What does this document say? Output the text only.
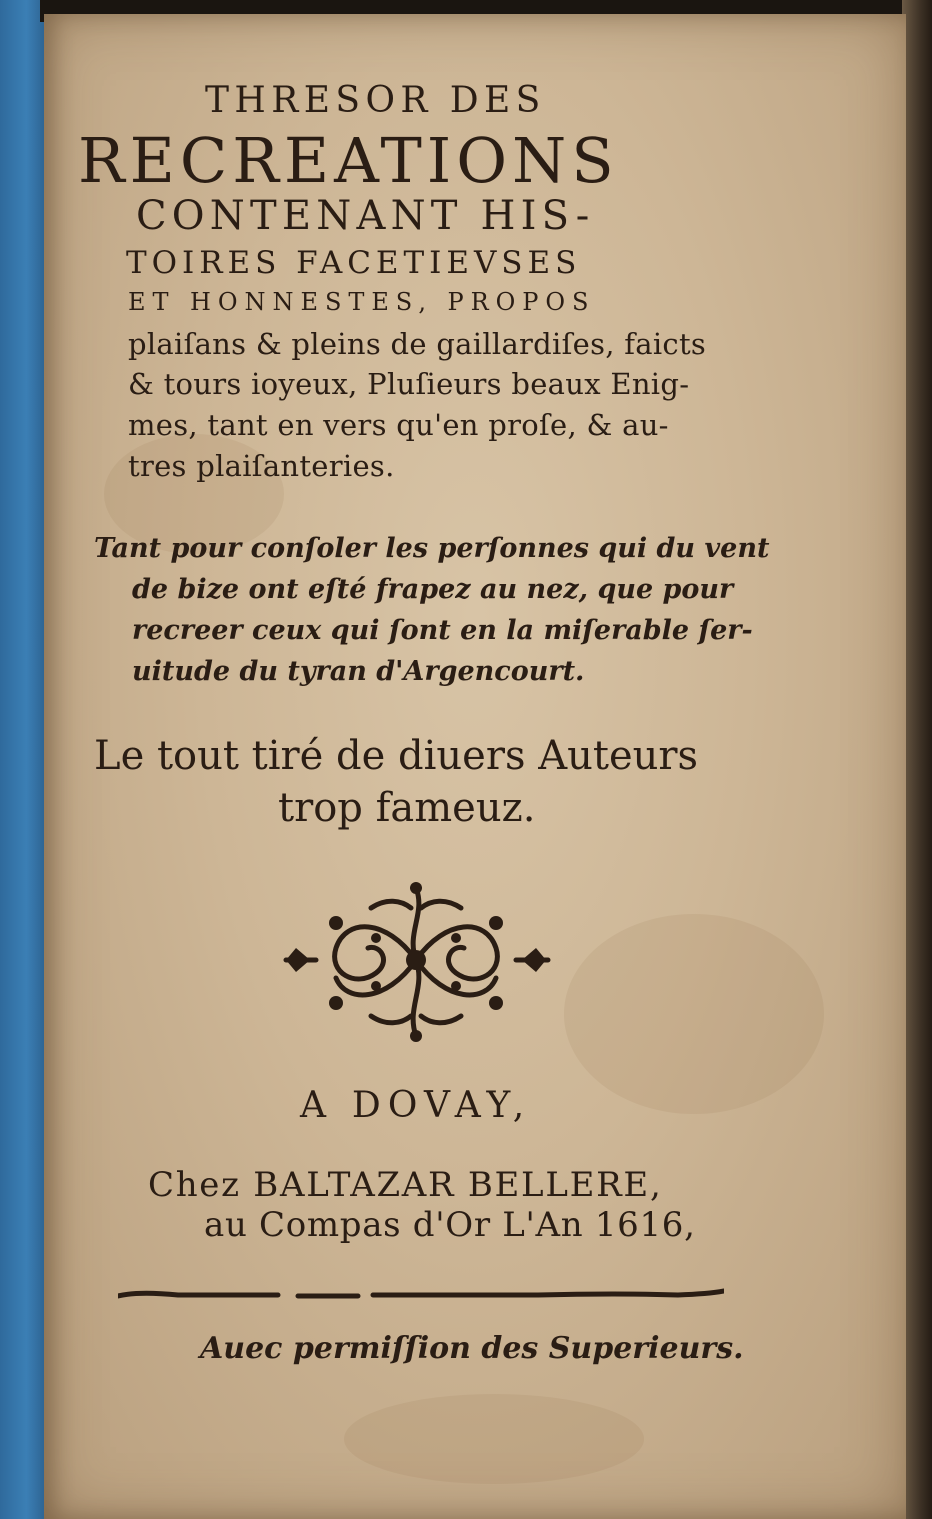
THRESOR DES
RECREATIONS
CONTENANT HIS-
TOIRES FACETIEVSES
ET HONNESTES, PROPOS
plaiſans & pleins de gaillardiſes, faicts
& tours ioyeux, Pluſieurs beaux Enig-
mes, tant en vers qu'en proſe, & au-
tres plaiſanteries.
Tant pour conſoler les perſonnes qui du vent
de bize ont eſté frapez au nez, que pour
recreer ceux qui ſont en la miſerable ſer-
uitude du tyran d'Argencourt.
Le tout tiré de diuers Auteurs
trop fameuz.
A DOVAY,
Chez BALTAZAR BELLERE,
au Compas d'Or L'An 1616,
Auec permiſſion des Superieurs.
